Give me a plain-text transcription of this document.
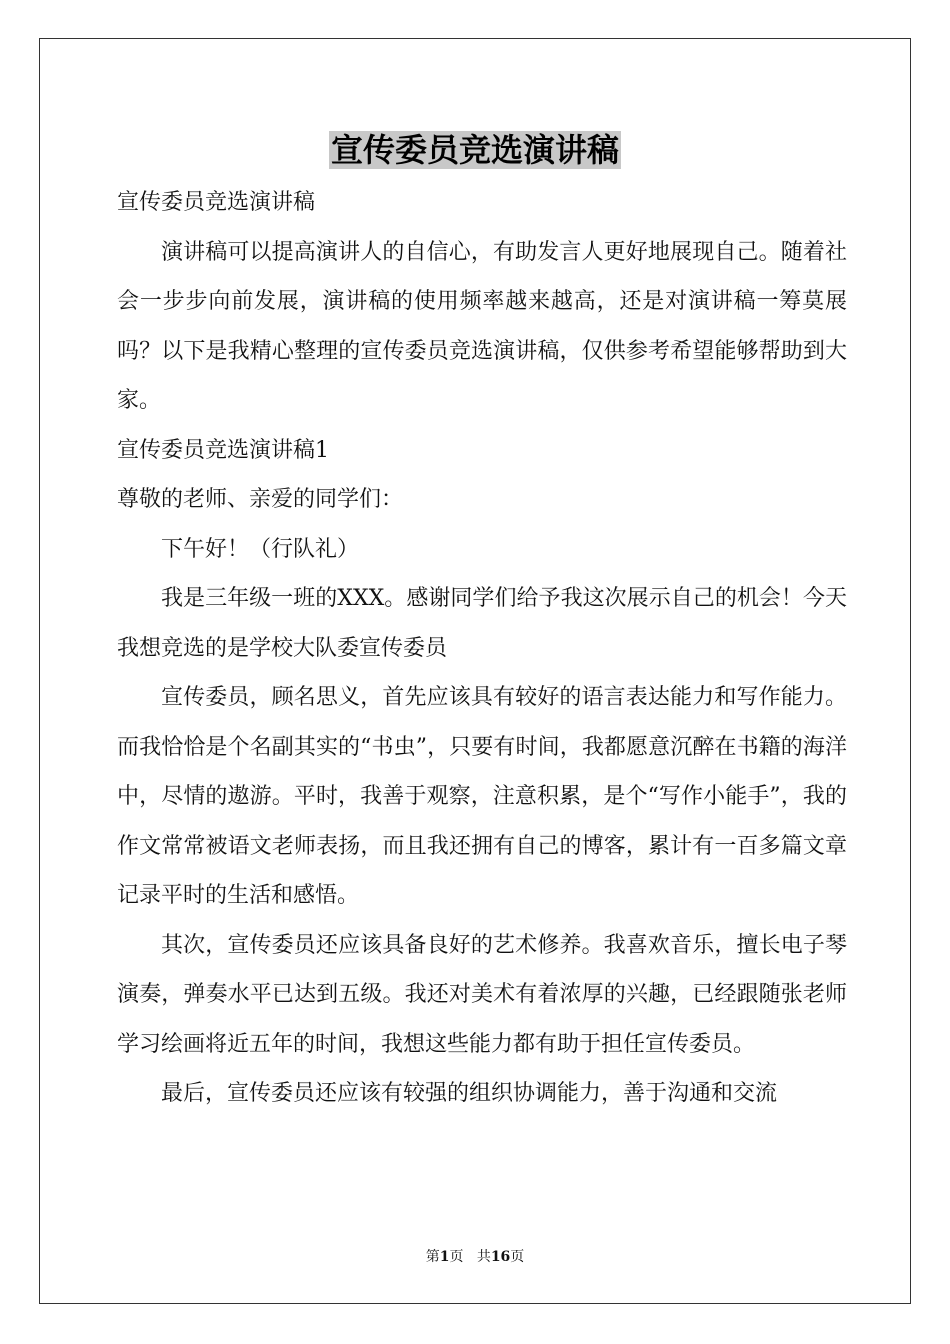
宣传委员竞选演讲稿

宣传委员竞选演讲稿

演讲稿可以提高演讲人的自信心，有助发言人更好地展现自己。随着社会一步步向前发展，演讲稿的使用频率越来越高，还是对演讲稿一筹莫展吗？以下是我精心整理的宣传委员竞选演讲稿，仅供参考希望能够帮助到大家。

宣传委员竞选演讲稿1

尊敬的老师、亲爱的同学们：

下午好！（行队礼）

我是三年级一班的XXX。感谢同学们给予我这次展示自己的机会！今天我想竞选的是学校大队委宣传委员

宣传委员，顾名思义，首先应该具有较好的语言表达能力和写作能力。而我恰恰是个名副其实的“书虫”，只要有时间，我都愿意沉醉在书籍的海洋中，尽情的遨游。平时，我善于观察，注意积累，是个“写作小能手”，我的作文常常被语文老师表扬，而且我还拥有自己的博客，累计有一百多篇文章记录平时的生活和感悟。

其次，宣传委员还应该具备良好的艺术修养。我喜欢音乐，擅长电子琴演奏，弹奏水平已达到五级。我还对美术有着浓厚的兴趣，已经跟随张老师学习绘画将近五年的时间，我想这些能力都有助于担任宣传委员。

最后，宣传委员还应该有较强的组织协调能力，善于沟通和交流

第1页 共16页
